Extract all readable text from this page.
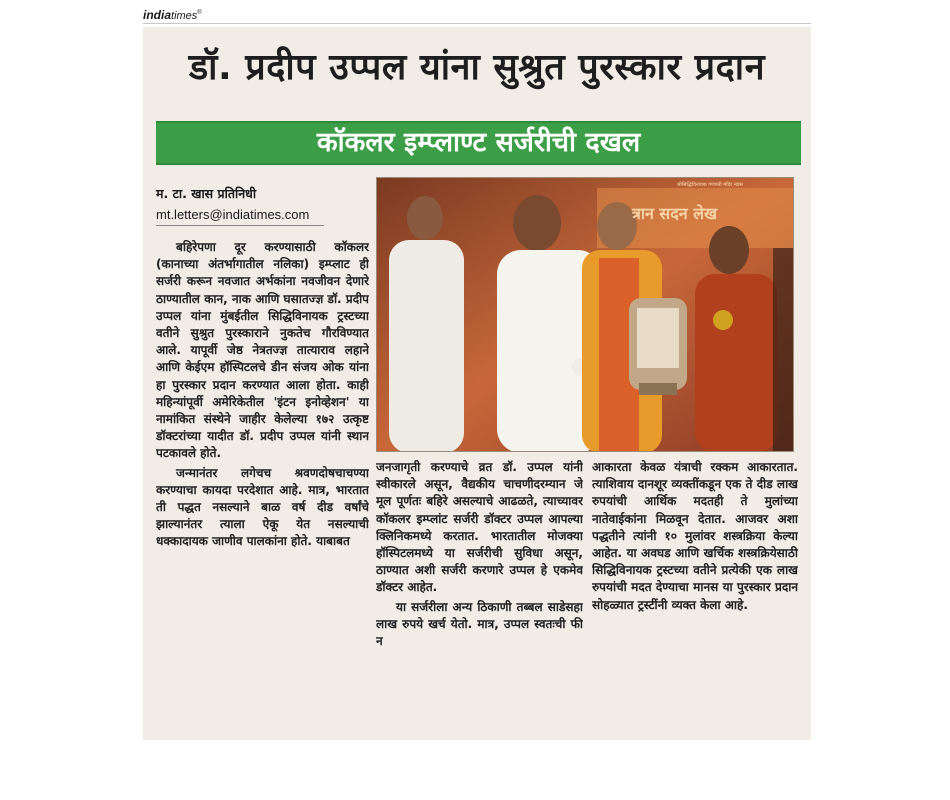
indiatimes®
डॉ. प्रदीप उप्पल यांना सुश्रुत पुरस्कार प्रदान
कॉकलर इम्प्लाण्ट सर्जरीची दखल
म. टा. खास प्रतिनिधी
mt.letters@indiatimes.com

बहिरेपणा दूर करण्यासाठी कॉकलर (कानाच्या अंतर्भागातील नलिका) इम्प्लाट ही सर्जरी करून नवजात अर्भकांना नवजीवन देणारे ठाण्यातील कान, नाक आणि घसातज्ज्ञ डॉ. प्रदीप उप्पल यांना मुंबईतील सिद्धिविनायक ट्रस्टच्या वतीने सुश्रुत पुरस्काराने नुकतेच गौरविण्यात आले. यापूर्वी जेष्ठ नेत्रतज्ज्ञ तात्याराव लहाने आणि केईएम हॉस्पिटलचे डीन संजय ओक यांना हा पुरस्कार प्रदान करण्यात आला होता. काही महिन्यांपूर्वी अमेरिकेतील 'इंटन इनोव्हेशन' या नामांकित संस्थेने जाहीर केलेल्या १७२ उत्कृष्ट डॉक्टरांच्या यादीत डॉ. प्रदीप उप्पल यांनी स्थान पटकावले होते.

जन्मानंतर लगेचच श्रवणदोषचाचण्या करण्याचा कायदा परदेशात आहे. मात्र, भारतात ती पद्धत नसल्याने बाळ वर्ष दीड वर्षांचे झाल्यानंतर त्याला ऐकू येत नसल्याची धक्कादायक जाणीव पालकांना होते. याबाबत

श्रीसिद्धिविनायक गणपती मंदिर न्यास
त्रान सदन लेख

जनजागृती करण्याचे व्रत डॉ. उप्पल यांनी स्वीकारले असून, वैद्यकीय चाचणीदरम्यान जे मूल पूर्णतः बहिरे असल्याचे आढळते, त्याच्यावर कॉकलर इम्प्लांट सर्जरी डॉक्टर उप्पल आपल्या क्लिनिकमध्ये करतात. भारतातील मोजक्या हॉस्पिटलमध्ये या सर्जरीची सुविधा असून, ठाण्यात अशी सर्जरी करणारे उप्पल हे एकमेव डॉक्टर आहेत.

या सर्जरीला अन्य ठिकाणी तब्बल साडेसहा लाख रुपये खर्च येतो. मात्र, उप्पल स्वतःची फी न

आकारता केवळ यंत्राची रक्कम आकारतात. त्याशिवाय दानशूर व्यक्तींकडून एक ते दीड लाख रुपयांची आर्थिक मदतही ते मुलांच्या नातेवाईकांना मिळवून देतात. आजवर अशा पद्धतीने त्यांनी १० मुलांवर शस्त्रक्रिया केल्या आहेत. या अवघड आणि खर्चिक शस्त्रक्रियेसाठी सिद्धिविनायक ट्रस्टच्या वतीने प्रत्येकी एक लाख रुपयांची मदत देण्याचा मानस या पुरस्कार प्रदान सोहळ्यात ट्रस्टींनी व्यक्त केला आहे.
